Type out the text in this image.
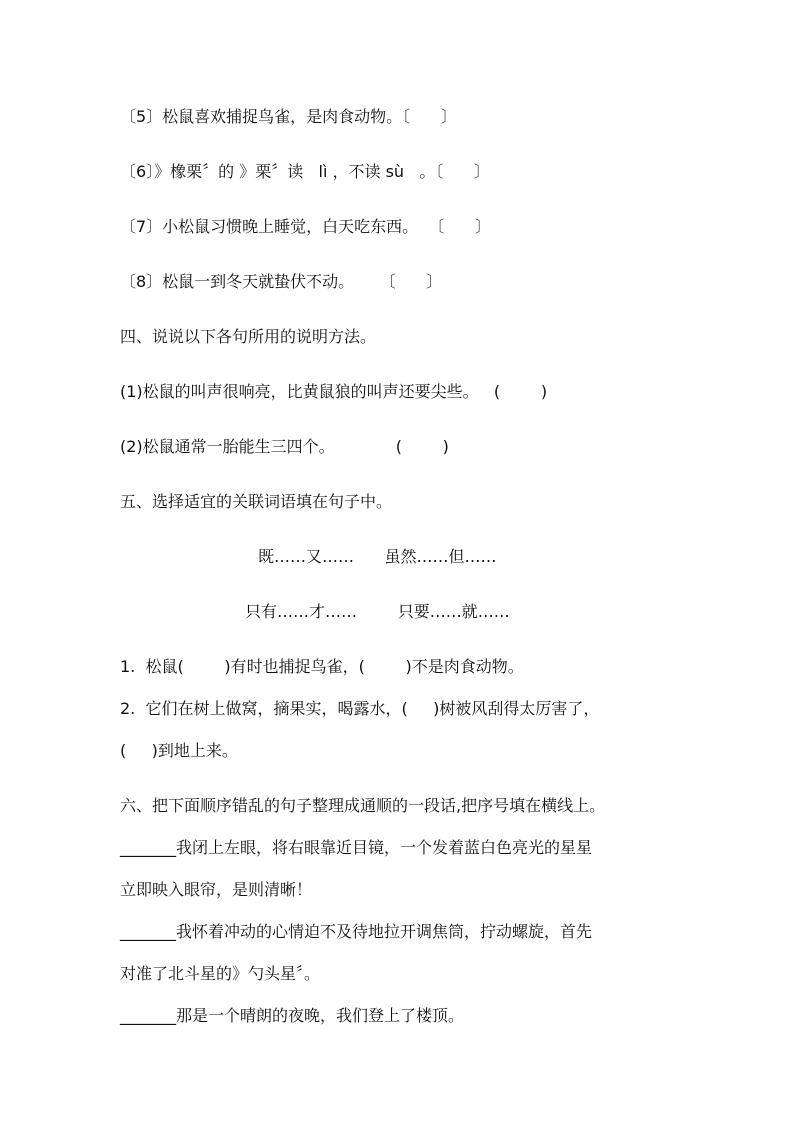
〔5〕松鼠喜欢捕捉鸟雀，是肉食动物。〔      〕
〔6〕》橡栗〞的 》栗〞读   lì ，不读 sù   。〔      〕
〔7〕小松鼠习惯晚上睡觉，白天吃东西。  〔      〕
〔8〕松鼠一到冬天就蛰伏不动。     〔      〕
四、说说以下各句所用的说明方法。
(1)松鼠的叫声很响亮，比黄鼠狼的叫声还要尖些。   (        )
(2)松鼠通常一胎能生三四个。            (        )
五、选择适宜的关联词语填在句子中。
既……又……      虽然……但……
只有……才……        只要……就……
1.  松鼠(        )有时也捕捉鸟雀，(        )不是肉食动物。
2.  它们在树上做窝，摘果实，喝露水，(     )树被风刮得太厉害了，
(     )到地上来。
六、把下面顺序错乱的句子整理成通顺的一段话,把序号填在横线上。
_______我闭上左眼，将右眼靠近目镜，一个发着蓝白色亮光的星星
立即映入眼帘，是则清晰！
_______我怀着冲动的心情迫不及待地拉开调焦筒，拧动螺旋，首先
对准了北斗星的》勺头星〞。
_______那是一个晴朗的夜晚，我们登上了楼顶。
